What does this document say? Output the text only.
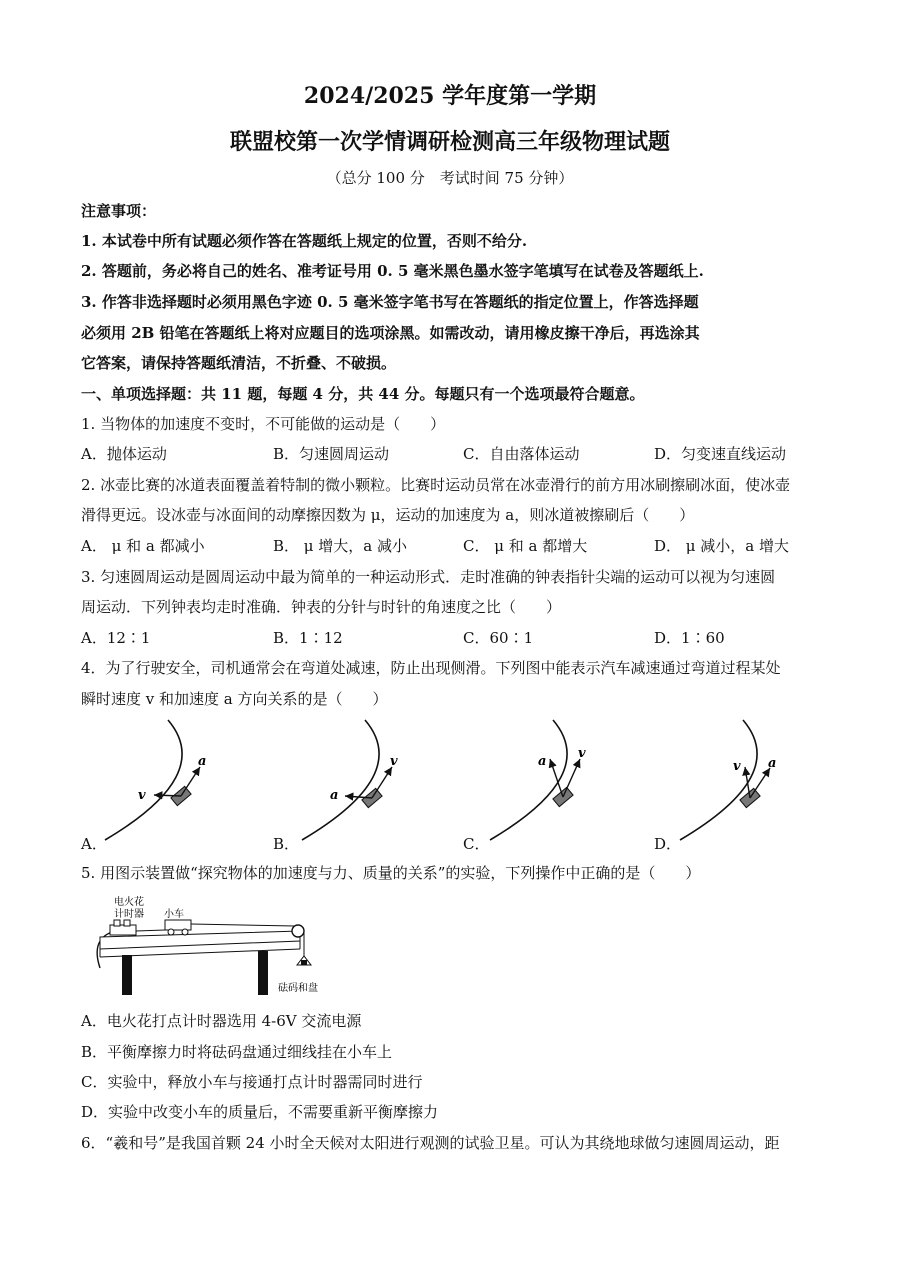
2024/2025 学年度第一学期
联盟校第一次学情调研检测高三年级物理试题
（总分 100 分　考试时间 75 分钟）
注意事项：
1. 本试卷中所有试题必须作答在答题纸上规定的位置，否则不给分.
2. 答题前，务必将自己的姓名、准考证号用 0. 5 毫米黑色墨水签字笔填写在试卷及答题纸上.
3. 作答非选择题时必须用黑色字迹 0. 5 毫米签字笔书写在答题纸的指定位置上，作答选择题
必须用 2B 铅笔在答题纸上将对应题目的选项涂黑。如需改动，请用橡皮擦干净后，再选涂其
它答案，请保持答题纸清洁，不折叠、不破损。
一、单项选择题：共 11 题，每题 4 分，共 44 分。每题只有一个选项最符合题意。
1. 当物体的加速度不变时，不可能做的运动是（　　）
A．抛体运动	B．匀速圆周运动	C．自由落体运动	D．匀变速直线运动
2. 冰壶比赛的冰道表面覆盖着特制的微小颗粒。比赛时运动员常在冰壶滑行的前方用冰刷擦刷冰面，使冰壶
滑得更远。设冰壶与冰面间的动摩擦因数为 μ，运动的加速度为 a，则冰道被擦刷后（　　）
A． μ 和 a 都减小	B． μ 增大，a 减小	C． μ 和 a 都增大	D． μ 减小，a 增大
3. 匀速圆周运动是圆周运动中最为简单的一种运动形式．走时准确的钟表指针尖端的运动可以视为匀速圆
周运动．下列钟表均走时准确．钟表的分针与时针的角速度之比（　　）
A．12∶1	B．1∶12	C．60∶1	D．1∶60
4．为了行驶安全，司机通常会在弯道处减速，防止出现侧滑。下列图中能表示汽车减速通过弯道过程某处
瞬时速度 v 和加速度 a 方向关系的是（　　）
a
v
v
a
v
a	a
v
A．	B．	C．	D．
5. 用图示装置做“探究物体的加速度与力、质量的关系”的实验，下列操作中正确的是（　　）
电火花
计时器 小车
砝码和盘
A．电火花打点计时器选用 4-6V 交流电源
B．平衡摩擦力时将砝码盘通过细线挂在小车上
C．实验中，释放小车与接通打点计时器需同时进行
D．实验中改变小车的质量后，不需要重新平衡摩擦力
6．“羲和号”是我国首颗 24 小时全天候对太阳进行观测的试验卫星。可认为其绕地球做匀速圆周运动，距
